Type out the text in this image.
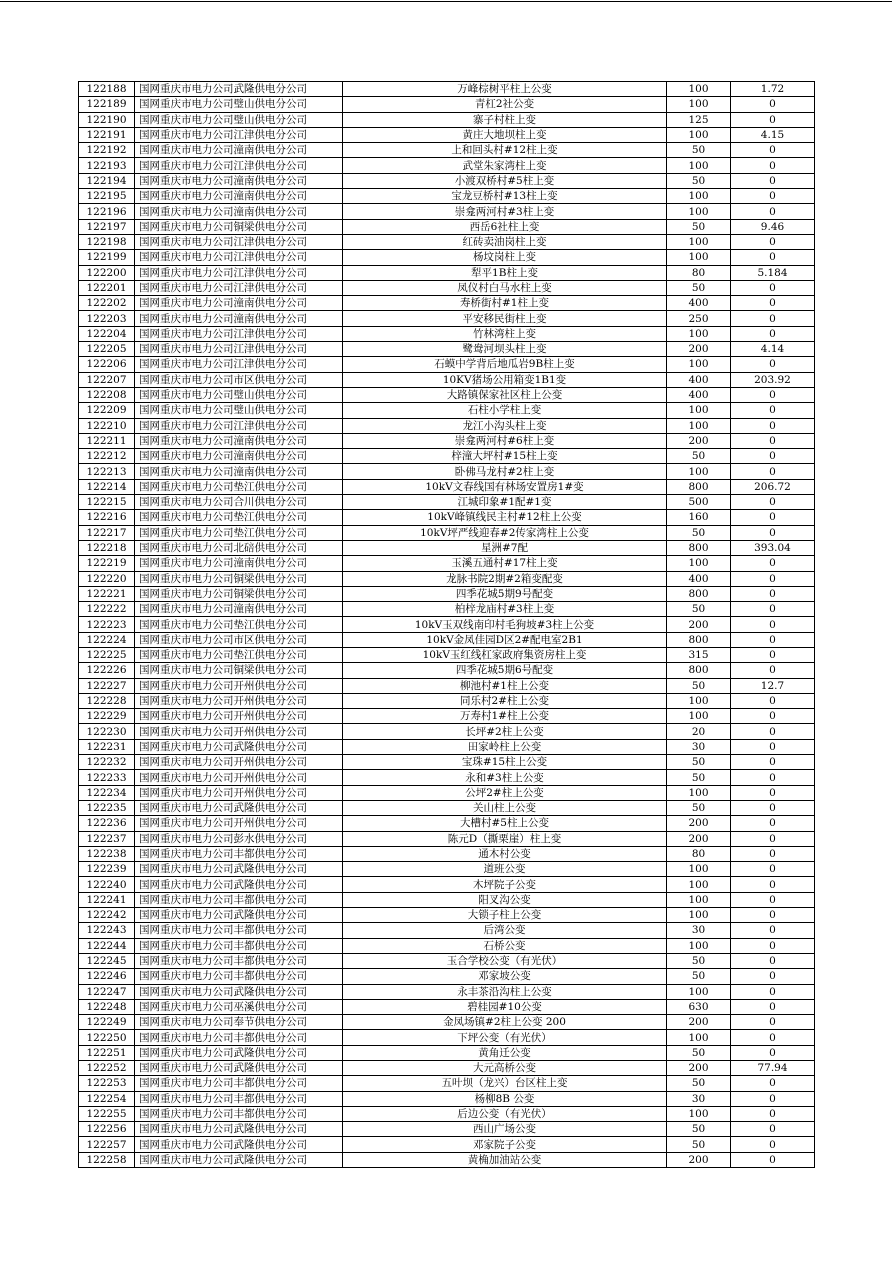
122188	国网重庆市电力公司武隆供电分公司	万峰棕树平柱上公变	100	1.72
122189	国网重庆市电力公司璧山供电分公司	青杠2社公变	100	0
122190	国网重庆市电力公司璧山供电分公司	寨子村柱上变	125	0
122191	国网重庆市电力公司江津供电分公司	黄庄大地坝柱上变	100	4.15
122192	国网重庆市电力公司潼南供电分公司	上和回头村#12柱上变	50	0
122193	国网重庆市电力公司江津供电分公司	武堂朱家湾柱上变	100	0
122194	国网重庆市电力公司潼南供电分公司	小渡双桥村#5柱上变	50	0
122195	国网重庆市电力公司潼南供电分公司	宝龙豆桥村#13柱上变	100	0
122196	国网重庆市电力公司潼南供电分公司	崇龛两河村#3柱上变	100	0
122197	国网重庆市电力公司铜梁供电分公司	西岳6社柱上变	50	9.46
122198	国网重庆市电力公司江津供电分公司	红砖卖油岗柱上变	100	0
122199	国网重庆市电力公司江津供电分公司	杨坟岗柱上变	100	0
122200	国网重庆市电力公司江津供电分公司	犁平1B柱上变	80	5.184
122201	国网重庆市电力公司江津供电分公司	凤仪村白马水柱上变	50	0
122202	国网重庆市电力公司潼南供电分公司	寿桥街村#1柱上变	400	0
122203	国网重庆市电力公司潼南供电分公司	平安移民街柱上变	250	0
122204	国网重庆市电力公司江津供电分公司	竹林湾柱上变	100	0
122205	国网重庆市电力公司江津供电分公司	鹭鸯河坝头柱上变	200	4.14
122206	国网重庆市电力公司江津供电分公司	石蟆中学背后地瓜岩9B柱上变	100	0
122207	国网重庆市电力公司市区供电分公司	10KV猪场公用箱变1B1变	400	203.92
122208	国网重庆市电力公司璧山供电分公司	大路镇保家社区柱上公变	400	0
122209	国网重庆市电力公司璧山供电分公司	石柱小学柱上变	100	0
122210	国网重庆市电力公司江津供电分公司	龙江小沟头柱上变	100	0
122211	国网重庆市电力公司潼南供电分公司	崇龛两河村#6柱上变	200	0
122212	国网重庆市电力公司潼南供电分公司	梓潼大坪村#15柱上变	50	0
122213	国网重庆市电力公司潼南供电分公司	卧佛马龙村#2柱上变	100	0
122214	国网重庆市电力公司垫江供电分公司	10kV文春线国有林场安置房1#变	800	206.72
122215	国网重庆市电力公司合川供电分公司	江城印象#1配#1变	500	0
122216	国网重庆市电力公司垫江供电分公司	10kV峰镇线民主村#12柱上公变	160	0
122217	国网重庆市电力公司垫江供电分公司	10kV坪严线迎春#2传家湾柱上公变	50	0
122218	国网重庆市电力公司北碚供电分公司	星洲#7配	800	393.04
122219	国网重庆市电力公司潼南供电分公司	玉溪五通村#17柱上变	100	0
122220	国网重庆市电力公司铜梁供电分公司	龙脉书院2期#2箱变配变	400	0
122221	国网重庆市电力公司铜梁供电分公司	四季花城5期9号配变	800	0
122222	国网重庆市电力公司潼南供电分公司	柏梓龙庙村#3柱上变	50	0
122223	国网重庆市电力公司垫江供电分公司	10kV玉双线南印村毛狗坡#3柱上公变	200	0
122224	国网重庆市电力公司市区供电分公司	10kV金凤佳园D区2#配电室2B1	800	0
122225	国网重庆市电力公司垫江供电分公司	10kV玉红线杠家政府集资房柱上变	315	0
122226	国网重庆市电力公司铜梁供电分公司	四季花城5期6号配变	800	0
122227	国网重庆市电力公司开州供电分公司	柳池村#1柱上公变	50	12.7
122228	国网重庆市电力公司开州供电分公司	同乐村2#柱上公变	100	0
122229	国网重庆市电力公司开州供电分公司	万寿村1#柱上公变	100	0
122230	国网重庆市电力公司开州供电分公司	长坪#2柱上公变	20	0
122231	国网重庆市电力公司武隆供电分公司	田家岭柱上公变	30	0
122232	国网重庆市电力公司开州供电分公司	宝珠#15柱上公变	50	0
122233	国网重庆市电力公司开州供电分公司	永和#3柱上公变	50	0
122234	国网重庆市电力公司开州供电分公司	公坪2#柱上公变	100	0
122235	国网重庆市电力公司武隆供电分公司	关山柱上公变	50	0
122236	国网重庆市电力公司开州供电分公司	大槽村#5柱上公变	200	0
122237	国网重庆市电力公司彭水供电分公司	陈元D（撕栗崖）柱上变	200	0
122238	国网重庆市电力公司丰都供电分公司	通木村公变	80	0
122239	国网重庆市电力公司武隆供电分公司	道班公变	100	0
122240	国网重庆市电力公司武隆供电分公司	木坪院子公变	100	0
122241	国网重庆市电力公司丰都供电分公司	阳叉沟公变	100	0
122242	国网重庆市电力公司武隆供电分公司	大锁子柱上公变	100	0
122243	国网重庆市电力公司丰都供电分公司	后湾公变	30	0
122244	国网重庆市电力公司丰都供电分公司	石桥公变	100	0
122245	国网重庆市电力公司丰都供电分公司	玉合学校公变（有光伏）	50	0
122246	国网重庆市电力公司丰都供电分公司	邓家坡公变	50	0
122247	国网重庆市电力公司武隆供电分公司	永丰茶沿沟柱上公变	100	0
122248	国网重庆市电力公司巫溪供电分公司	碧桂园#10公变	630	0
122249	国网重庆市电力公司奉节供电分公司	金凤场镇#2柱上公变 200	200	0
122250	国网重庆市电力公司丰都供电分公司	下坪公变（有光伏）	100	0
122251	国网重庆市电力公司武隆供电分公司	黄角迁公变	50	0
122252	国网重庆市电力公司武隆供电分公司	大元高桥公变	200	77.94
122253	国网重庆市电力公司丰都供电分公司	五叶坝（龙兴）台区柱上变	50	0
122254	国网重庆市电力公司丰都供电分公司	杨柳8B 公变	30	0
122255	国网重庆市电力公司丰都供电分公司	后边公变（有光伏）	100	0
122256	国网重庆市电力公司武隆供电分公司	西山广场公变	50	0
122257	国网重庆市电力公司武隆供电分公司	邓家院子公变	50	0
122258	国网重庆市电力公司武隆供电分公司	黄桷加油站公变	200	0
